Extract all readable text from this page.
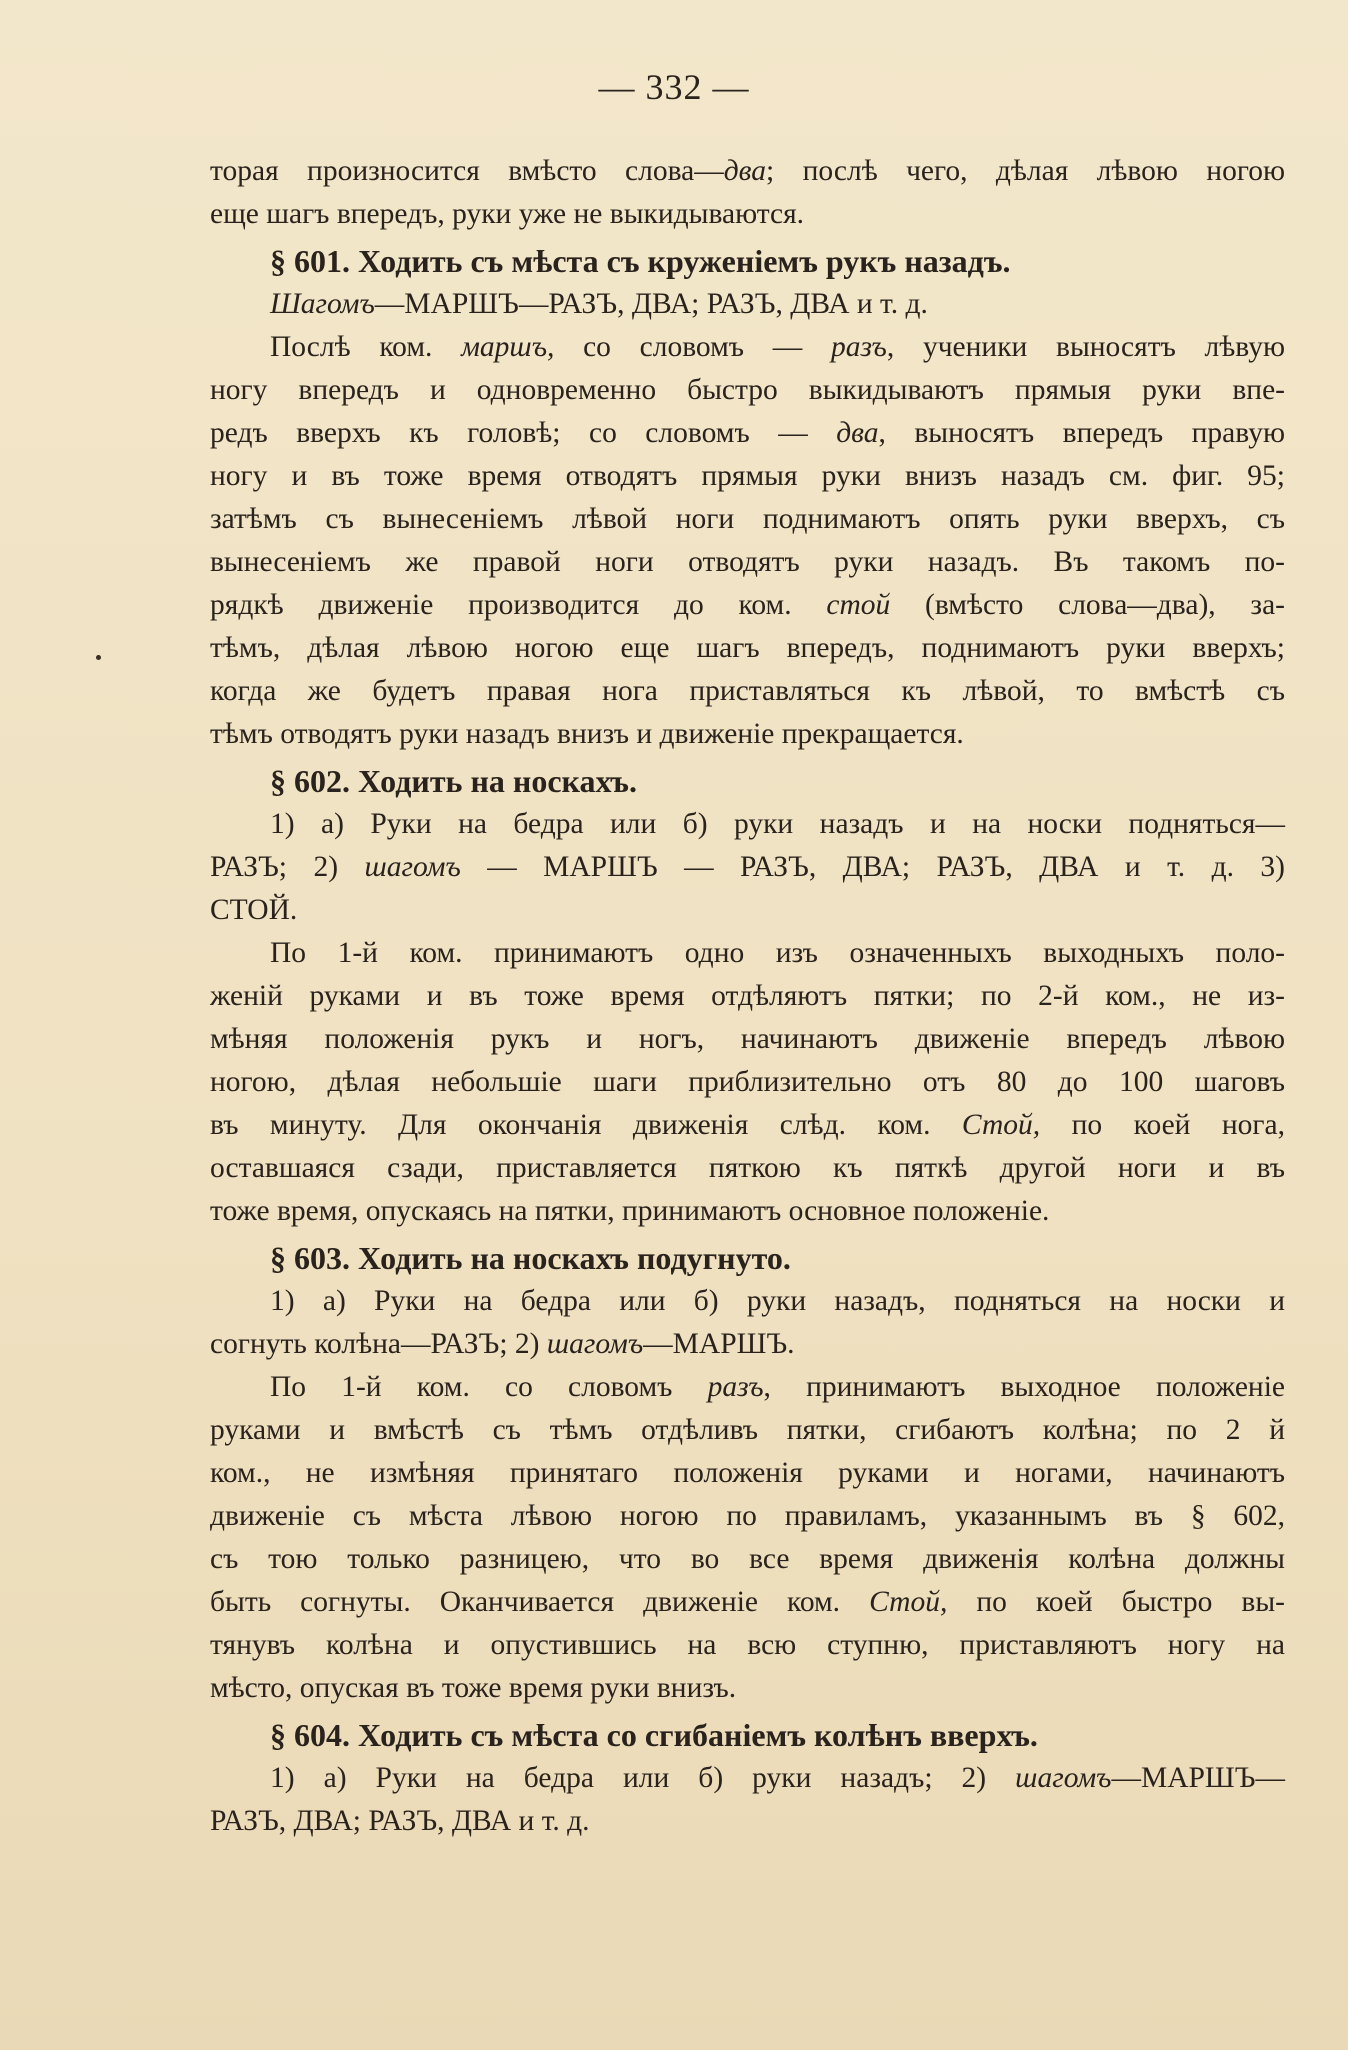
— 332 —
торая произносится вмѣсто слова—два; послѣ чего, дѣлая лѣвою ногою
еще шагъ впередъ, руки уже не выкидываются.
§ 601. Ходить съ мѣста съ круженіемъ рукъ назадъ.
Шагомъ—МАРШЪ—РАЗЪ, ДВА; РАЗЪ, ДВА и т. д.
Послѣ ком. маршъ, со словомъ — разъ, ученики выносятъ лѣвую
ногу впередъ и одновременно быстро выкидываютъ прямыя руки впе-
редъ вверхъ къ головѣ; со словомъ — два, выносятъ впередъ правую
ногу и въ тоже время отводятъ прямыя руки внизъ назадъ см. фиг. 95;
затѣмъ съ вынесеніемъ лѣвой ноги поднимаютъ опять руки вверхъ, съ
вынесеніемъ же правой ноги отводятъ руки назадъ. Въ такомъ по-
рядкѣ движеніе производится до ком. стой (вмѣсто слова—два), за-
тѣмъ, дѣлая лѣвою ногою еще шагъ впередъ, поднимаютъ руки вверхъ;
когда же будетъ правая нога приставляться къ лѣвой, то вмѣстѣ съ
тѣмъ отводятъ руки назадъ внизъ и движеніе прекращается.
§ 602. Ходить на носкахъ.
1) а) Руки на бедра или б) руки назадъ и на носки подняться—
РАЗЪ; 2) шагомъ — МАРШЪ — РАЗЪ, ДВА; РАЗЪ, ДВА и т. д. 3)
СТОЙ.
По 1-й ком. принимаютъ одно изъ означенныхъ выходныхъ поло-
женій руками и въ тоже время отдѣляютъ пятки; по 2-й ком., не из-
мѣняя положенія рукъ и ногъ, начинаютъ движеніе впередъ лѣвою
ногою, дѣлая небольшіе шаги приблизительно отъ 80 до 100 шаговъ
въ минуту. Для окончанія движенія слѣд. ком. Стой, по коей нога,
оставшаяся сзади, приставляется пяткою къ пяткѣ другой ноги и въ
тоже время, опускаясь на пятки, принимаютъ основное положеніе.
§ 603. Ходить на носкахъ подугнуто.
1) а) Руки на бедра или б) руки назадъ, подняться на носки и
согнуть колѣна—РАЗЪ; 2) шагомъ—МАРШЪ.
По 1-й ком. со словомъ разъ, принимаютъ выходное положеніе
руками и вмѣстѣ съ тѣмъ отдѣливъ пятки, сгибаютъ колѣна; по 2 й
ком., не измѣняя принятаго положенія руками и ногами, начинаютъ
движеніе съ мѣста лѣвою ногою по правиламъ, указаннымъ въ § 602,
съ тою только разницею, что во все время движенія колѣна должны
быть согнуты. Оканчивается движеніе ком. Стой, по коей быстро вы-
тянувъ колѣна и опустившись на всю ступню, приставляютъ ногу на
мѣсто, опуская въ тоже время руки внизъ.
§ 604. Ходить съ мѣста со сгибаніемъ колѣнъ вверхъ.
1) а) Руки на бедра или б) руки назадъ; 2) шагомъ—МАРШЪ—
РАЗЪ, ДВА; РАЗЪ, ДВА и т. д.
